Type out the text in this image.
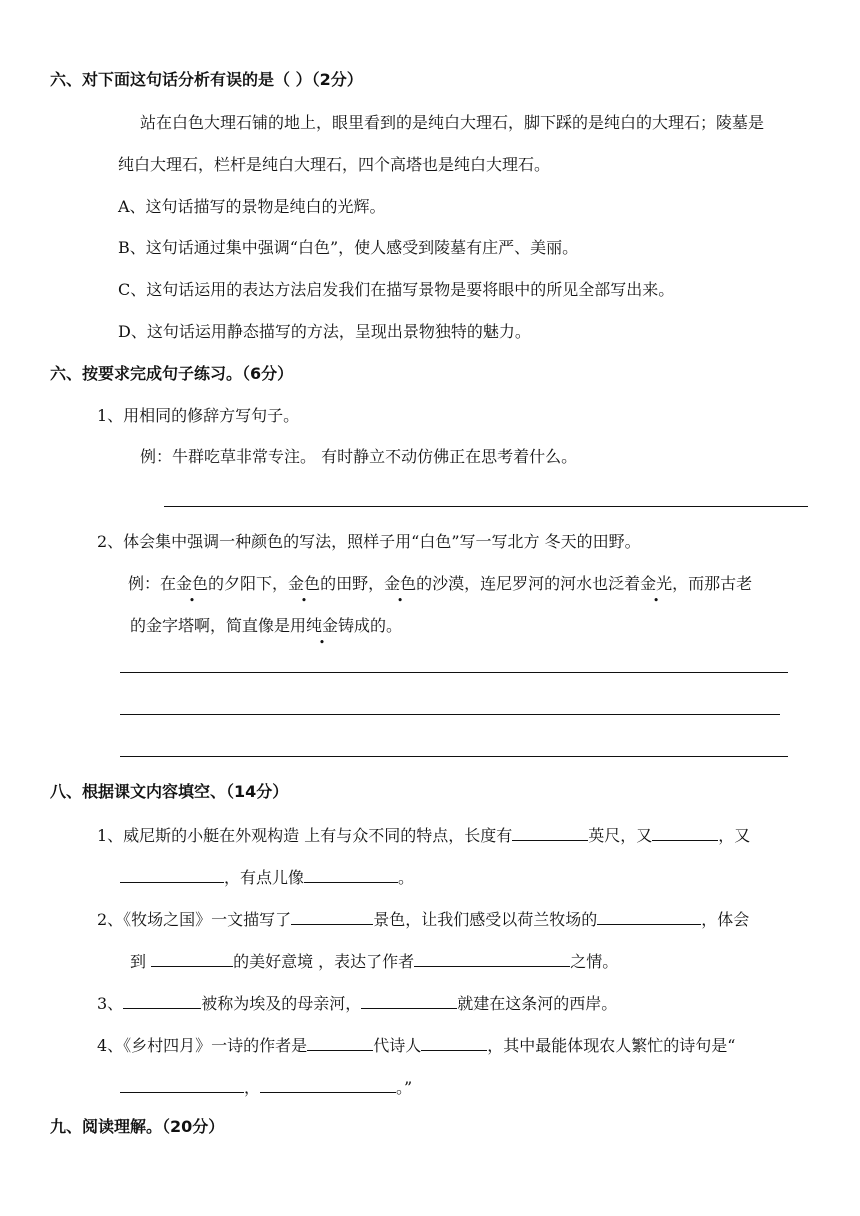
六、对下面这句话分析有误的是（ ）（2分）
站在白色大理石铺的地上，眼里看到的是纯白大理石，脚下踩的是纯白的大理石；陵墓是
纯白大理石，栏杆是纯白大理石，四个高塔也是纯白大理石。
A、这句话描写的景物是纯白的光辉。
B、这句话通过集中强调“白色”，使人感受到陵墓有庄严、美丽。
C、这句话运用的表达方法启发我们在描写景物是要将眼中的所见全部写出来。
D、这句话运用静态描写的方法，呈现出景物独特的魅力。
六、按要求完成句子练习。（6分）
1、用相同的修辞方写句子。
例：牛群吃草非常专注。 有时静立不动仿佛正在思考着什么。
2、体会集中强调一种颜色的写法，照样子用“白色”写一写北方 冬天的田野。
例：在金色的夕阳下，金色的田野，金色的沙漠，连尼罗河的河水也泛着金光，而那古老
的金字塔啊，简直像是用纯金铸成的。
八、根据课文内容填空、（14分）
1、威尼斯的小艇在外观构造 上有与众不同的特点，长度有	英尺，又	，又
，有点儿像	。
2、《牧场之国》一文描写了	景色，让我们感受以荷兰牧场的	，体会
到	的美好意境 ，表达了作者	之情。
3、	被称为埃及的母亲河，	就建在这条河的西岸。
4、《乡村四月》一诗的作者是	代诗人	，其中最能体现农人繁忙的诗句是“
，	。”
九、阅读理解。（20分）
